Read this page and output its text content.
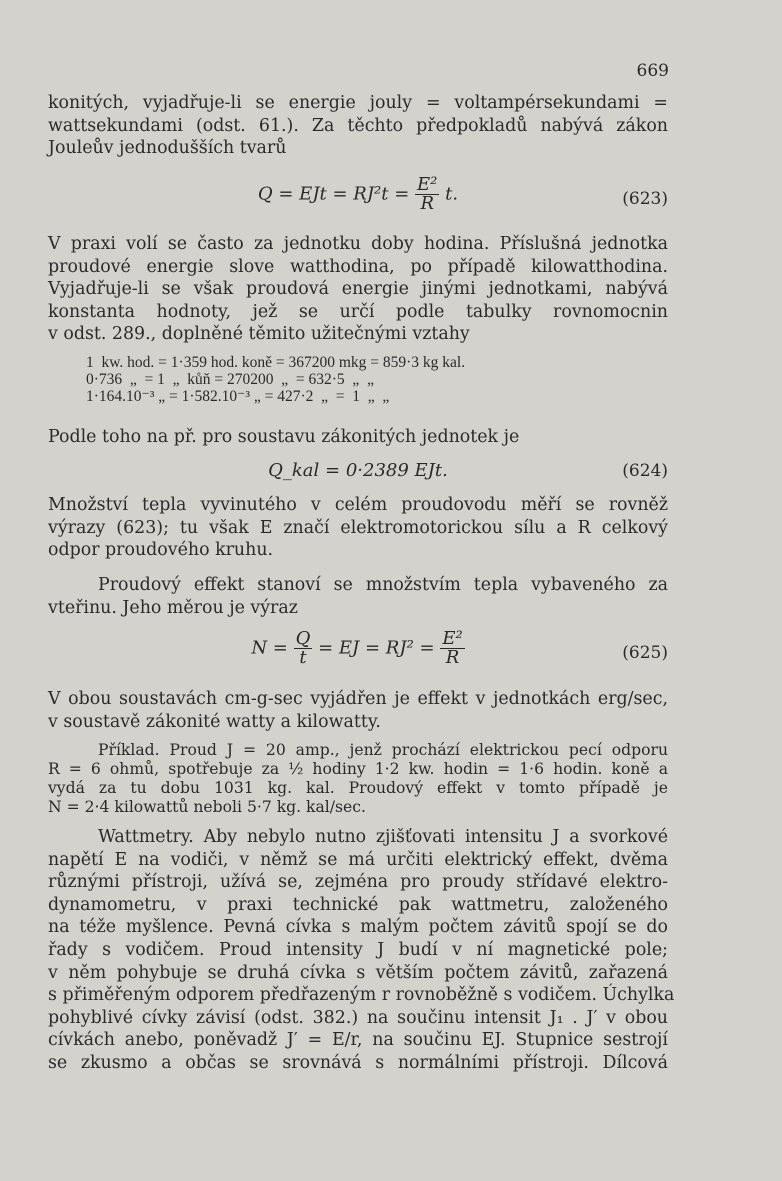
669
konitých, vyjadřuje-li se energie jouly = voltampérsekundami =
wattsekundami (odst. 61.). Za těchto předpokladů nabývá zákon
Jouleův jednodušších tvarů
Q = EJt = $RJ^2t = \frac{\text{E²}}{R} t$.	(623)
V praxi volí se často za jednotku doby hodina. Příslušná jednotka
proudové energie slove watthodina, po případě kilowatthodina.
Vyjadřuje-li se však proudová energie jinými jednotkami, nabývá
konstanta hodnoty, jež se určí podle tabulky rovnomocnin
v odst. 289., doplněné těmito užitečnými vztahy
1  kw. hod. = 1·359 hod. koně = 367200 mkg = 859·3 kg kal.
0·736  „  = 1  „  kůň = 270200  „  = 632·5  „  „
1·164.10⁻³ „ = 1·582.10⁻³ „ = 427·2  „  =  1  „  „
Podle toho na př. pro soustavu zákonitých jednotek je
Q_kal = 0·2389 EJt.	(624)
Množství tepla vyvinutého v celém proudovodu měří se rovněž
výrazy (623); tu však E značí elektromotorickou sílu a R celkový
odpor proudového kruhu.
Proudový effekt stanoví se množstvím tepla vybaveného za
vteřinu. Jeho měrou je výraz
$N = \frac{Q}{t}$ = EJ = $RJ^2 = \frac{\text{E²}}{R}$	(625)
V obou soustavách cm-g-sec vyjádřen je effekt v jednotkách erg/sec,
v soustavě zákonité watty a kilowatty.
Příklad. Proud J = 20 amp., jenž prochází elektrickou pecí odporu
R = 6 ohmů, spotřebuje za ½ hodiny 1·2 kw. hodin = 1·6 hodin. koně a
vydá za tu dobu 1031 kg. kal. Proudový effekt v tomto případě je
N = 2·4 kilowattů neboli 5·7 kg. kal/sec.
Wattmetry. Aby nebylo nutno zjišťovati intensitu J a svorkové
napětí E na vodiči, v němž se má určiti elektrický effekt, dvěma
různými přístroji, užívá se, zejména pro proudy střídavé elektro-
dynamometru, v praxi technické pak wattmetru, založeného
na téže myšlence. Pevná cívka s malým počtem závitů spojí se do
řady s vodičem. Proud intensity J budí v ní magnetické pole;
v něm pohybuje se druhá cívka s větším počtem závitů, zařazená
s přiměřeným odporem předřazeným r rovnoběžně s vodičem. Úchylka
pohyblivé cívky závisí (odst. 382.) na součinu intensit J₁ . J′ v obou
cívkách anebo, poněvadž J′ = E/r, na součinu EJ. Stupnice sestrojí
se zkusmo a občas se srovnává s normálními přístroji. Dílcová
